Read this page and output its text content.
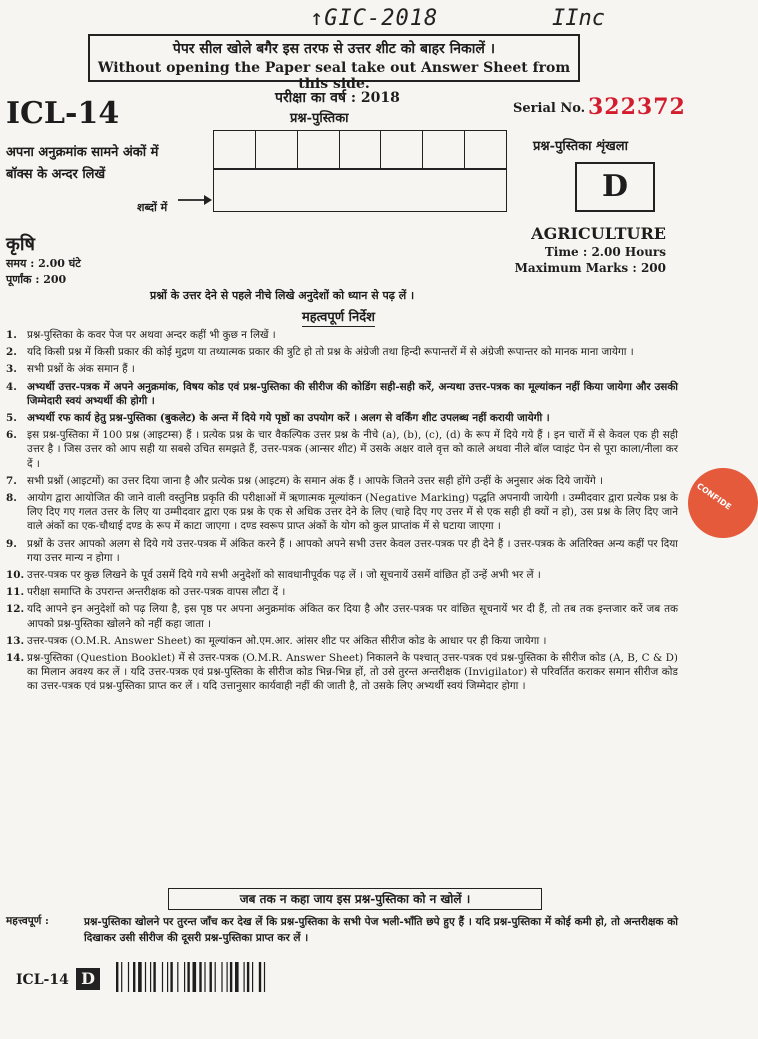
↑GIC-2018	IInc
पेपर सील खोले बगैर इस तरफ से उत्तर शीट को बाहर निकालें ।
Without opening the Paper seal take out Answer Sheet from this side.
ICL-14	परीक्षा का वर्ष : 2018
प्रश्न-पुस्तिका
Serial No. 322372
अपना अनुक्रमांक सामने अंकों में
बॉक्स के अन्दर लिखें
शब्दों में
प्रश्न-पुस्तिका शृंखला
D
कृषि
समय : 2.00 घंटे
पूर्णांक : 200
AGRICULTURE
Time : 2.00 Hours
Maximum Marks : 200
प्रश्नों के उत्तर देने से पहले नीचे लिखे अनुदेशों को ध्यान से पढ़ लें ।
महत्वपूर्ण निर्देश
1. प्रश्न-पुस्तिका के कवर पेज पर अथवा अन्दर कहीं भी कुछ न लिखें ।
2. यदि किसी प्रश्न में किसी प्रकार की कोई मुद्रण या तथ्यात्मक प्रकार की त्रुटि हो तो प्रश्न के अंग्रेजी तथा हिन्दी रूपान्तरों में से अंग्रेजी रूपान्तर को मानक माना जायेगा ।
3. सभी प्रश्नों के अंक समान हैं ।
4. अभ्यर्थी उत्तर-पत्रक में अपने अनुक्रमांक, विषय कोड एवं प्रश्न-पुस्तिका की सीरीज की कोडिंग सही-सही करें, अन्यथा उत्तर-पत्रक का मूल्यांकन नहीं किया जायेगा और उसकी जिम्मेदारी स्वयं अभ्यर्थी की होगी ।
5. अभ्यर्थी रफ कार्य हेतु प्रश्न-पुस्तिका (बुकलेट) के अन्त में दिये गये पृष्ठों का उपयोग करें । अलग से वर्किंग शीट उपलब्ध नहीं करायी जायेगी ।
6. इस प्रश्न-पुस्तिका में 100 प्रश्न (आइटम्स) हैं । प्रत्येक प्रश्न के चार वैकल्पिक उत्तर प्रश्न के नीचे (a), (b), (c), (d) के रूप में दिये गये हैं । इन चारों में से केवल एक ही सही उत्तर है । जिस उत्तर को आप सही या सबसे उचित समझते हैं, उत्तर-पत्रक (आन्सर शीट) में उसके अक्षर वाले वृत्त को काले अथवा नीले बॉल प्वाइंट पेन से पूरा काला/नीला कर दें ।
7. सभी प्रश्नों (आइटमों) का उत्तर दिया जाना है और प्रत्येक प्रश्न (आइटम) के समान अंक हैं । आपके जितने उत्तर सही होंगे उन्हीं के अनुसार अंक दिये जायेंगे ।
8. आयोग द्वारा आयोजित की जाने वाली वस्तुनिष्ठ प्रकृति की परीक्षाओं में ऋणात्मक मूल्यांकन (Negative Marking) पद्धति अपनायी जायेगी । उम्मीदवार द्वारा प्रत्येक प्रश्न के लिए दिए गए गलत उत्तर के लिए या उम्मीदवार द्वारा एक प्रश्न के एक से अधिक उत्तर देने के लिए (चाहे दिए गए उत्तर में से एक सही ही क्यों न हो), उस प्रश्न के लिए दिए जाने वाले अंकों का एक-चौथाई दण्ड के रूप में काटा जाएगा । दण्ड स्वरूप प्राप्त अंकों के योग को कुल प्राप्तांक में से घटाया जाएगा ।
9. प्रश्नों के उत्तर आपको अलग से दिये गये उत्तर-पत्रक में अंकित करने हैं । आपको अपने सभी उत्तर केवल उत्तर-पत्रक पर ही देने हैं । उत्तर-पत्रक के अतिरिक्त अन्य कहीं पर दिया गया उत्तर मान्य न होगा ।
10. उत्तर-पत्रक पर कुछ लिखने के पूर्व उसमें दिये गये सभी अनुदेशों को सावधानीपूर्वक पढ़ लें । जो सूचनायें उसमें वांछित हों उन्हें अभी भर लें ।
11. परीक्षा समाप्ति के उपरान्त अन्तरीक्षक को उत्तर-पत्रक वापस लौटा दें ।
12. यदि आपने इन अनुदेशों को पढ़ लिया है, इस पृष्ठ पर अपना अनुक्रमांक अंकित कर दिया है और उत्तर-पत्रक पर वांछित सूचनायें भर दी हैं, तो तब तक इन्तजार करें जब तक आपको प्रश्न-पुस्तिका खोलने को नहीं कहा जाता ।
13. उत्तर-पत्रक (O.M.R. Answer Sheet) का मूल्यांकन ओ.एम.आर. आंसर शीट पर अंकित सीरीज कोड के आधार पर ही किया जायेगा ।
14. प्रश्न-पुस्तिका (Question Booklet) में से उत्तर-पत्रक (O.M.R. Answer Sheet) निकालने के पश्चात् उत्तर-पत्रक एवं प्रश्न-पुस्तिका के सीरीज कोड (A, B, C & D) का मिलान अवश्य कर लें । यदि उत्तर-पत्रक एवं प्रश्न-पुस्तिका के सीरीज कोड भिन्न-भिन्न हों, तो उसे तुरन्त अन्तरीक्षक (Invigilator) से परिवर्तित कराकर समान सीरीज कोड का उत्तर-पत्रक एवं प्रश्न-पुस्तिका प्राप्त कर लें । यदि उत्तानुसार कार्यवाही नहीं की जाती है, तो उसके लिए अभ्यर्थी स्वयं जिम्मेदार होगा ।
जब तक न कहा जाय इस प्रश्न-पुस्तिका को न खोलें ।
महत्त्वपूर्ण :	प्रश्न-पुस्तिका खोलने पर तुरन्त जाँच कर देख लें कि प्रश्न-पुस्तिका के सभी पेज भली-भाँति छपे हुए हैं । यदि प्रश्न-पुस्तिका में कोई कमी हो, तो अन्तरीक्षक को दिखाकर उसी सीरीज की दूसरी प्रश्न-पुस्तिका प्राप्त कर लें ।
ICL-14 D
CONFIDE
